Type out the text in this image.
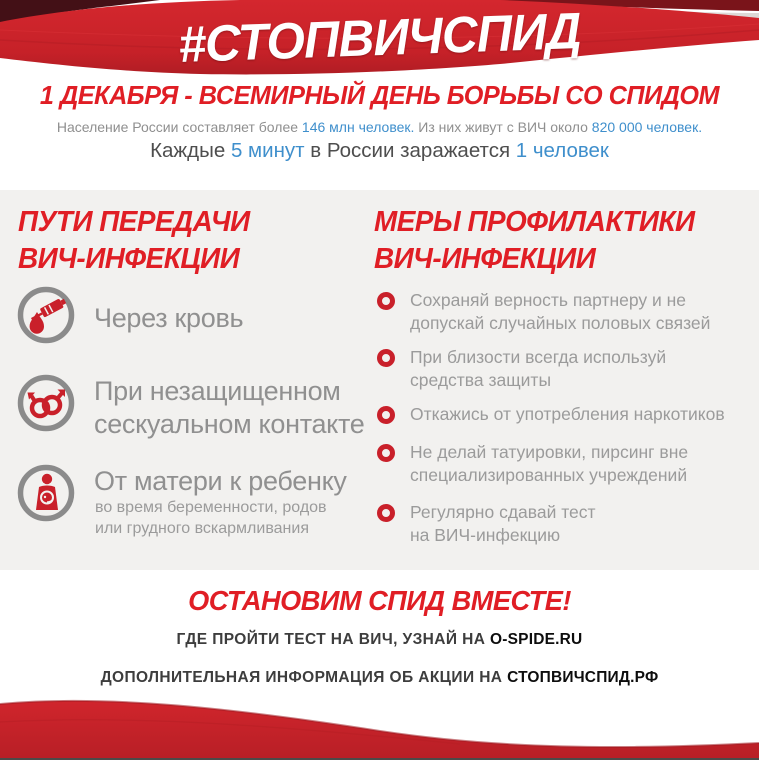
#СТОПВИЧСПИД
1 ДЕКАБРЯ - ВСЕМИРНЫЙ ДЕНЬ БОРЬБЫ СО СПИДОМ
Население России составляет более 146 млн человек. Из них живут с ВИЧ около 820 000 человек.
Каждые 5 минут в России заражается 1 человек
ПУТИ ПЕРЕДАЧИ
ВИЧ-ИНФЕКЦИИ
Через кровь
При незащищенном
сескуальном контакте
От матери к ребенку
во время беременности, родов
или грудного вскармливания
МЕРЫ ПРОФИЛАКТИКИ
ВИЧ-ИНФЕКЦИИ
Сохраняй верность партнеру и не
допускай случайных половых связей
При близости всегда используй
средства защиты
Откажись от употребления наркотиков
Не делай татуировки, пирсинг вне
специализированных учреждений
Регулярно сдавай тест
на ВИЧ-инфекцию
ОСТАНОВИМ СПИД ВМЕСТЕ!
ГДЕ ПРОЙТИ ТЕСТ НА ВИЧ, УЗНАЙ НА O-SPIDE.RU
ДОПОЛНИТЕЛЬНАЯ ИНФОРМАЦИЯ ОБ АКЦИИ НА СТОПВИЧСПИД.РФ
